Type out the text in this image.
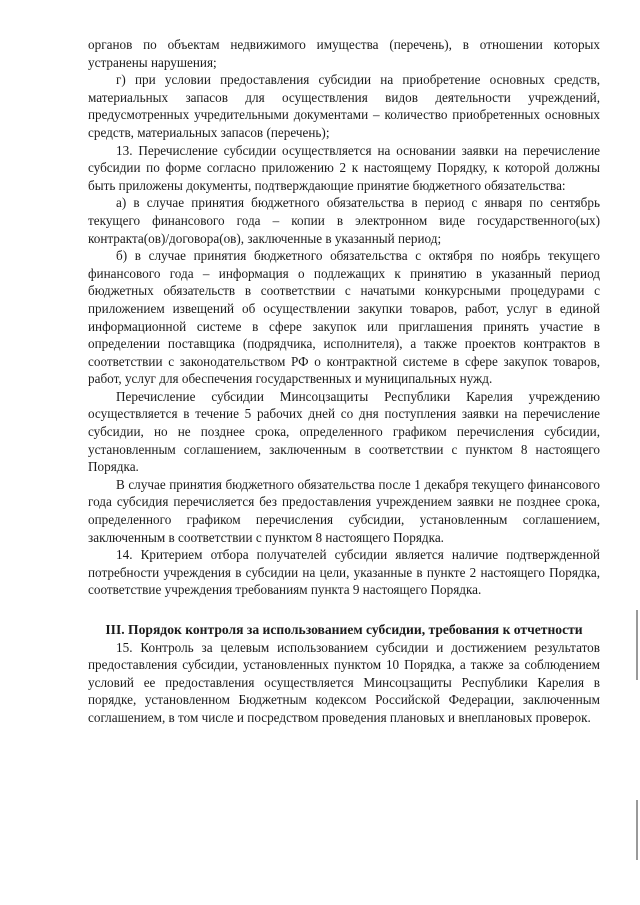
органов по объектам недвижимого имущества (перечень), в отношении которых устранены нарушения;

г) при условии предоставления субсидии на приобретение основных средств, материальных запасов для осуществления видов деятельности учреждений, предусмотренных учредительными документами – количество приобретенных основных средств, материальных запасов (перечень);

13. Перечисление субсидии осуществляется на основании заявки на перечисление субсидии по форме согласно приложению 2 к настоящему Порядку, к которой должны быть приложены документы, подтверждающие принятие бюджетного обязательства:

а) в случае принятия бюджетного обязательства в период с января по сентябрь текущего финансового года – копии в электронном виде государственного(ых) контракта(ов)/договора(ов), заключенные в указанный период;

б) в случае принятия бюджетного обязательства с октября по ноябрь текущего финансового года – информация о подлежащих к принятию в указанный период бюджетных обязательств в соответствии с начатыми конкурсными процедурами с приложением извещений об осуществлении закупки товаров, работ, услуг в единой информационной системе в сфере закупок или приглашения принять участие в определении поставщика (подрядчика, исполнителя), а также проектов контрактов в соответствии с законодательством РФ о контрактной системе в сфере закупок товаров, работ, услуг для обеспечения государственных и муниципальных нужд.

Перечисление субсидии Минсоцзащиты Республики Карелия учреждению осуществляется в течение 5 рабочих дней со дня поступления заявки на перечисление субсидии, но не позднее срока, определенного графиком перечисления субсидии, установленным соглашением, заключенным в соответствии с пунктом 8 настоящего Порядка.

В случае принятия бюджетного обязательства после 1 декабря текущего финансового года субсидия перечисляется без предоставления учреждением заявки не позднее срока, определенного графиком перечисления субсидии, установленным соглашением, заключенным в соответствии с пунктом 8 настоящего Порядка.

14. Критерием отбора получателей субсидии является наличие подтвержденной потребности учреждения в субсидии на цели, указанные в пункте 2 настоящего Порядка, соответствие учреждения требованиям пункта 9 настоящего Порядка.

III. Порядок контроля за использованием субсидии, требования к отчетности

15. Контроль за целевым использованием субсидии и достижением результатов предоставления субсидии, установленных пунктом 10 Порядка, а также за соблюдением условий ее предоставления осуществляется Минсоцзащиты Республики Карелия в порядке, установленном Бюджетным кодексом Российской Федерации, заключенным соглашением, в том числе и посредством проведения плановых и внеплановых проверок.
